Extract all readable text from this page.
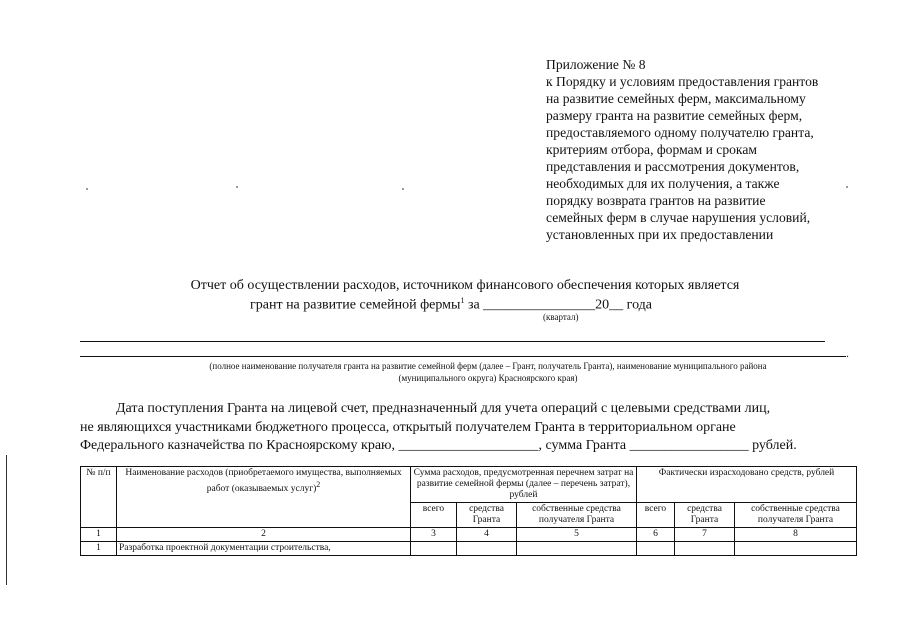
Приложение № 8
к Порядку и условиям предоставления грантов
на развитие семейных ферм, максимальному
размеру гранта на развитие семейных ферм,
предоставляемого одному получателю гранта,
критериям отбора, формам и срокам
представления и рассмотрения документов,
необходимых для их получения, а также
порядку возврата грантов на развитие
семейных ферм в случае нарушения условий,
установленных при их предоставлении
Отчет об осуществлении расходов, источником финансового обеспечения которых является
грант на развитие семейной фермы$^1$ за ________________20__ года
(квартал)
.
(полное наименование получателя гранта на развитие семейной ферм (далее – Грант, получатель Гранта), наименование муниципального района
(муниципального округа) Красноярского края)
Дата поступления Гранта на лицевой счет, предназначенный для учета операций с целевыми средствами лиц,
не являющихся участниками бюджетного процесса, открытый получателем Гранта в территориальном органе
Федерального казначейства по Красноярскому краю, ____________________, сумма Гранта _________________ рублей.
№ п/п	Наименование расходов (приобретаемого имущества, выполняемых работ (оказываемых услуг)$^2$	Сумма расходов, предусмотренная перечнем затрат на развитие семейной фермы (далее – перечень затрат), рублей			Фактически израсходовано средств, рублей		
		всего	средства Гранта	собственные средства получателя Гранта	всего	средства Гранта	собственные средства получателя Гранта
1	2	3	4	5	6	7	8
1	Разработка проектной документации строительства,						
